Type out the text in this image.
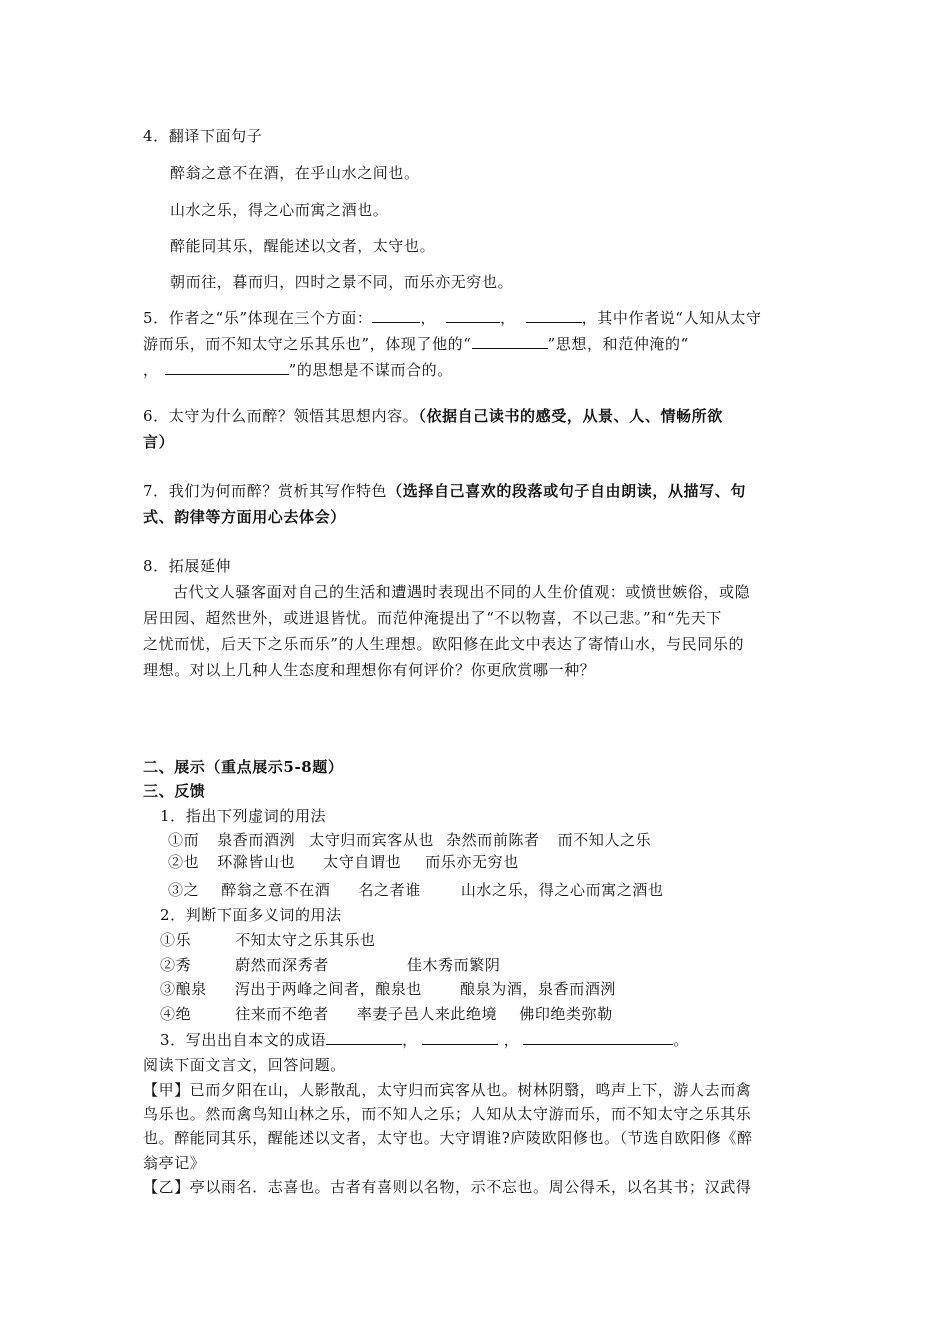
4．翻译下面句子
醉翁之意不在酒，在乎山水之间也。
山水之乐，得之心而寓之酒也。
醉能同其乐，醒能述以文者，太守也。
朝而往，暮而归，四时之景不同，而乐亦无穷也。
5．作者之“乐”体现在三个方面：	，	，	，其中作者说“人知从太守
游而乐，而不知太守之乐其乐也”，体现了他的“	”思想，和范仲淹的“
，	”的思想是不谋而合的。
6．太守为什么而醉？领悟其思想内容。（依据自己读书的感受，从景、人、情畅所欲
言）
7．我们为何而醉？赏析其写作特色（选择自己喜欢的段落或句子自由朗读，从描写、句
式、韵律等方面用心去体会）
8．拓展延伸
古代文人骚客面对自己的生活和遭遇时表现出不同的人生价值观：或愤世嫉俗，或隐
居田园、超然世外，或进退皆忧。而范仲淹提出了“不以物喜，不以己悲。”和“先天下
之忧而忧，后天下之乐而乐”的人生理想。欧阳修在此文中表达了寄情山水，与民同乐的
理想。对以上几种人生态度和理想你有何评价？你更欣赏哪一种？
二、展示（重点展示5-8题）
三、反馈
1．指出下列虚词的用法
①而 泉香而酒洌 太守归而宾客从也 杂然而前陈者 而不知人之乐
②也 环滁皆山也 太守自谓也 而乐亦无穷也
③之 醉翁之意不在酒 名之者谁	山水之乐，得之心而寓之酒也
2．判断下面多义词的用法
①乐	不知太守之乐其乐也
②秀	蔚然而深秀者	佳木秀而繁阴
③酿泉 泻出于两峰之间者，酿泉也	酿泉为酒，泉香而酒洌
④绝	往来而不绝者 率妻子邑人来此绝境 佛印绝类弥勒
3．写出出自本文的成语	，	，	。
阅读下面文言文，回答问题。
【甲】已而夕阳在山，人影散乱，太守归而宾客从也。树林阴翳，鸣声上下，游人去而禽
鸟乐也。然而禽鸟知山林之乐，而不知人之乐；人知从太守游而乐，而不知太守之乐其乐
也。醉能同其乐，醒能述以文者，太守也。大守谓谁?庐陵欧阳修也。（节选自欧阳修《醉
翁亭记》
【乙】亭以雨名．志喜也。古者有喜则以名物，示不忘也。周公得禾，以名其书；汉武得
